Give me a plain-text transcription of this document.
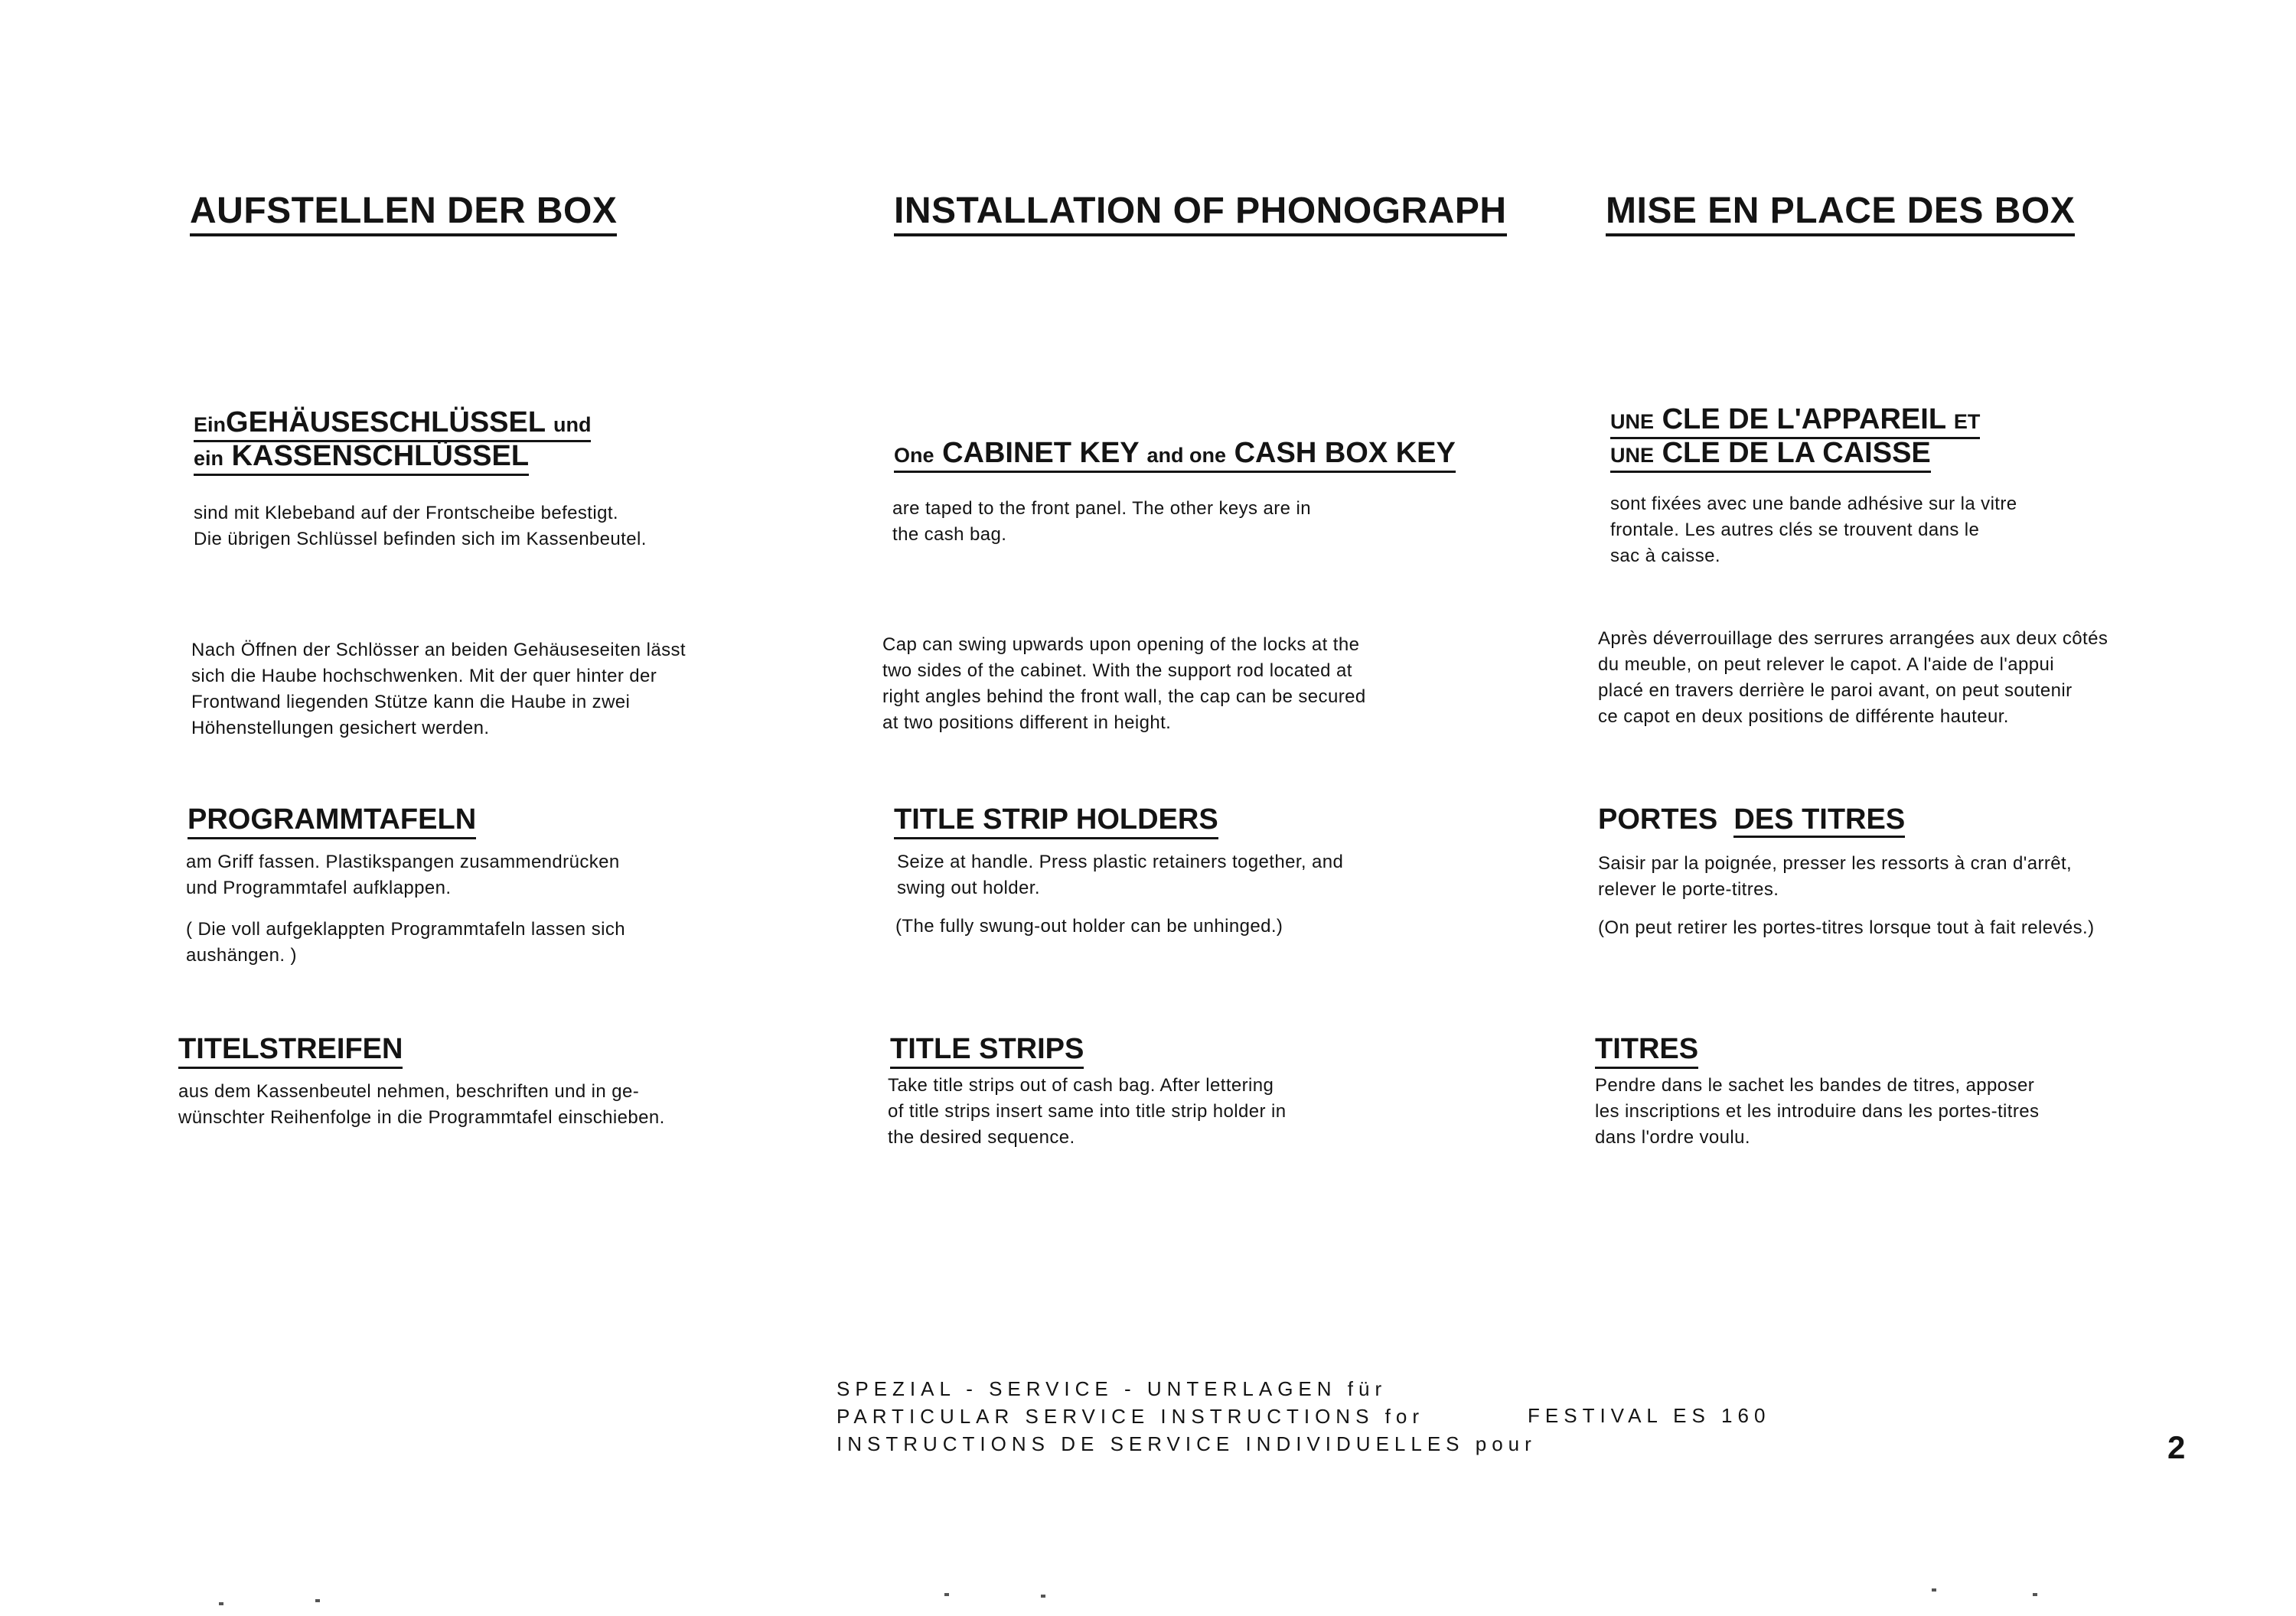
AUFSTELLEN DER BOX
EinGEHÄUSESCHLÜSSEL und
ein KASSENSCHLÜSSEL
sind mit Klebeband auf der Frontscheibe befestigt.
Die übrigen Schlüssel befinden sich im Kassenbeutel.
Nach Öffnen der Schlösser an beiden Gehäuseseiten lässt
sich die Haube hochschwenken. Mit der quer hinter der
Frontwand liegenden Stütze kann die Haube in zwei
Höhenstellungen gesichert werden.
PROGRAMMTAFELN
am Griff fassen. Plastikspangen zusammendrücken
und Programmtafel aufklappen.
( Die voll aufgeklappten Programmtafeln lassen sich
aushängen. )
TITELSTREIFEN
aus dem Kassenbeutel nehmen, beschriften und in ge-
wünschter Reihenfolge in die Programmtafel einschieben.
INSTALLATION OF PHONOGRAPH
One CABINET KEY and one CASH BOX KEY
are taped to the front panel. The other keys are in
the cash bag.
Cap can swing upwards upon opening of the locks at the
two sides of the cabinet. With the support rod located at
right angles behind the front wall, the cap can be secured
at two positions different in height.
TITLE STRIP HOLDERS
Seize at handle. Press plastic retainers together, and
swing out holder.
(The fully swung-out holder can be unhinged.)
TITLE STRIPS
Take title strips out of cash bag. After lettering
of title strips insert same into title strip holder in
the desired sequence.
MISE EN PLACE DES BOX
UNE CLE DE L'APPAREIL ET
UNE CLE DE LA CAISSE
sont fixées avec une bande adhésive sur la vitre
frontale. Les autres clés se trouvent dans le
sac à caisse.
Après déverrouillage des serrures arrangées aux deux côtés
du meuble, on peut relever le capot. A l'aide de l'appui
placé en travers derrière le paroi avant, on peut soutenir
ce capot en deux positions de différente hauteur.
PORTES DES TITRES
Saisir par la poignée, presser les ressorts à cran d'arrêt,
relever le porte-titres.
(On peut retirer les portes-titres lorsque tout à fait relevés.)
TITRES
Pendre dans le sachet les bandes de titres, apposer
les inscriptions et les introduire dans les portes-titres
dans l'ordre voulu.
SPEZIAL - SERVICE - UNTERLAGEN für
PARTICULAR SERVICE INSTRUCTIONS for
INSTRUCTIONS DE SERVICE INDIVIDUELLES pour
FESTIVAL ES 160
2
